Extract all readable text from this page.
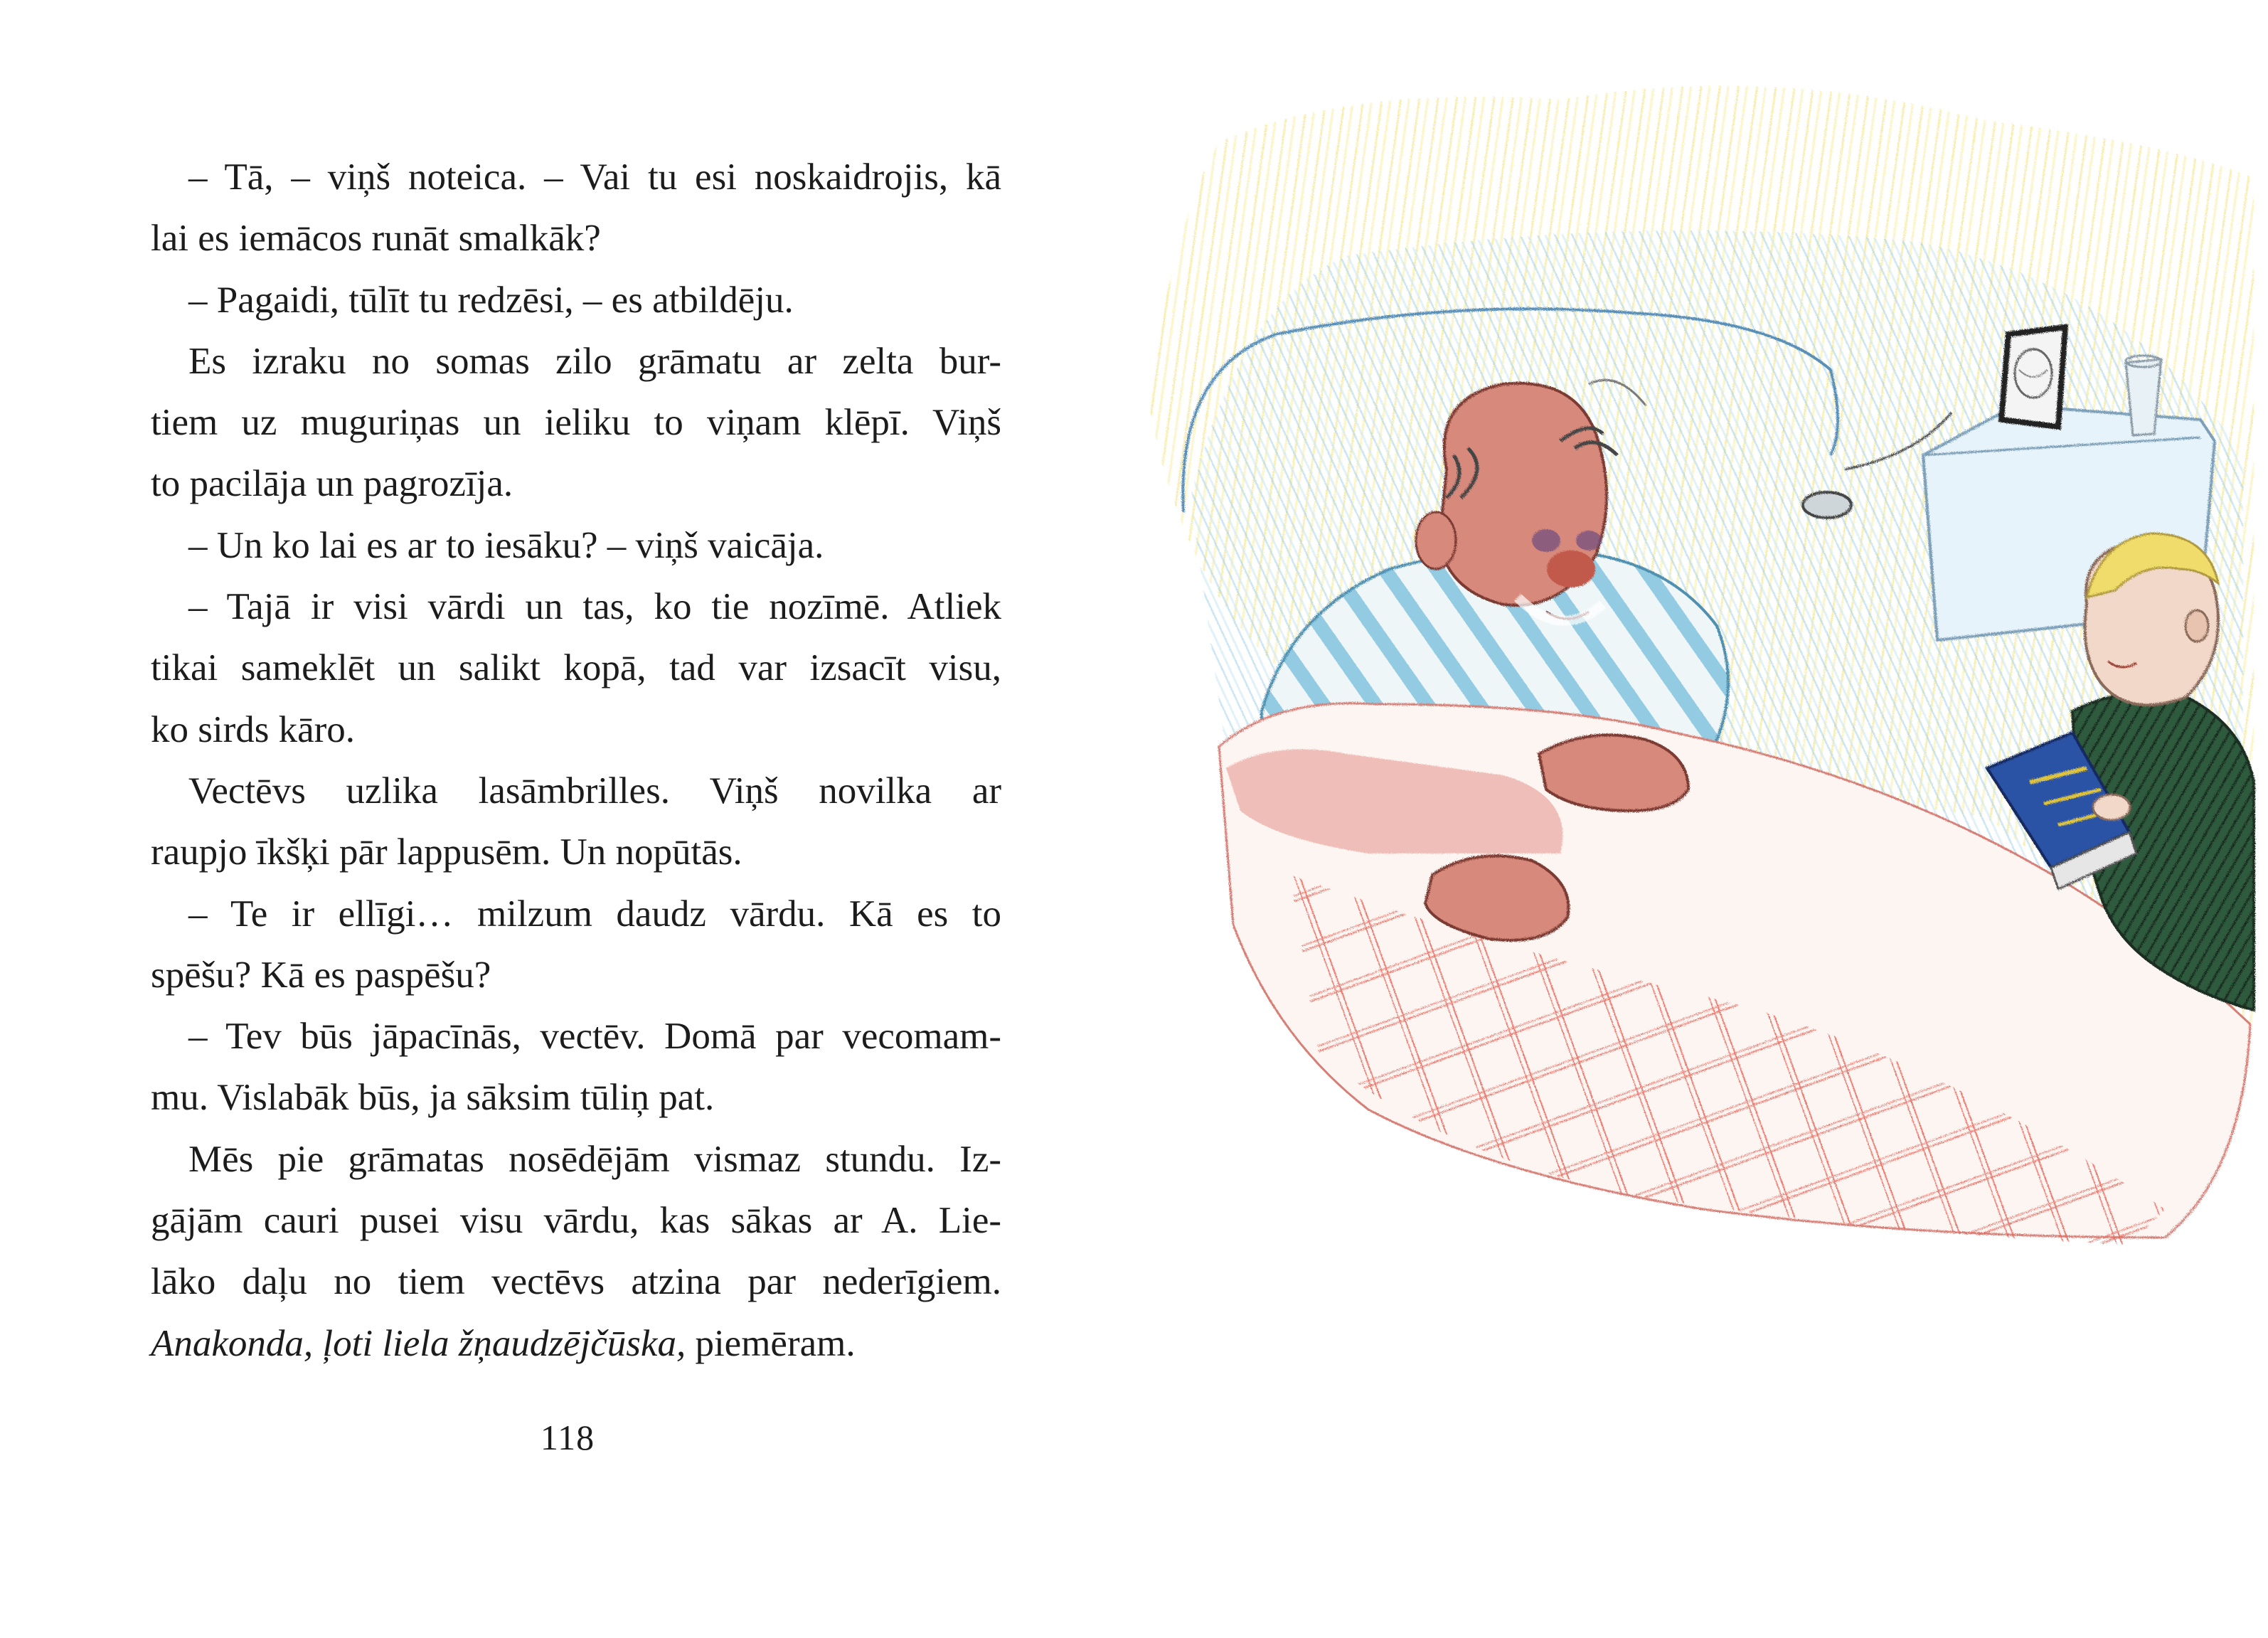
– Tā, – viņš noteica. – Vai tu esi noskaidrojis, kā
lai es iemācos runāt smalkāk?
– Pagaidi, tūlīt tu redzēsi, – es atbildēju.
Es izraku no somas zilo grāmatu ar zelta bur-
tiem uz muguriņas un ieliku to viņam klēpī. Viņš
to pacilāja un pagrozīja.
– Un ko lai es ar to iesāku? – viņš vaicāja.
– Tajā ir visi vārdi un tas, ko tie nozīmē. Atliek
tikai sameklēt un salikt kopā, tad var izsacīt visu,
ko sirds kāro.
Vectēvs uzlika lasāmbrilles. Viņš novilka ar
raupjo īkšķi pār lappusēm. Un nopūtās.
– Te ir ellīgi… milzum daudz vārdu. Kā es to
spēšu? Kā es paspēšu?
– Tev būs jāpacīnās, vectēv. Domā par vecomam-
mu. Vislabāk būs, ja sāksim tūliņ pat.
Mēs pie grāmatas nosēdējām vismaz stundu. Iz-
gājām cauri pusei visu vārdu, kas sākas ar A. Lie-
lāko daļu no tiem vectēvs atzina par nederīgiem.
Anakonda, ļoti liela žņaudzējčūska, piemēram.
118
